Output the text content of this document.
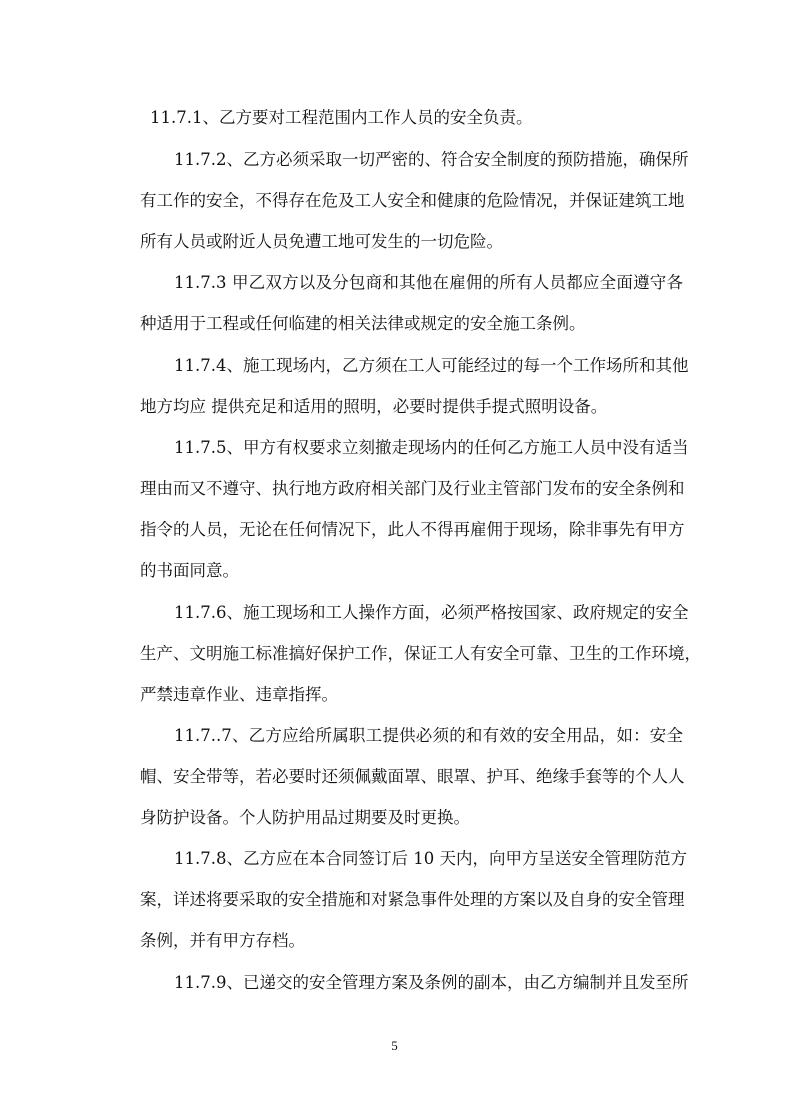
11.7.1、乙方要对工程范围内工作人员的安全负责。
11.7.2、乙方必须采取一切严密的、符合安全制度的预防措施，确保所
有工作的安全，不得存在危及工人安全和健康的危险情况，并保证建筑工地
所有人员或附近人员免遭工地可发生的一切危险。
11.7.3 甲乙双方以及分包商和其他在雇佣的所有人员都应全面遵守各
种适用于工程或任何临建的相关法律或规定的安全施工条例。
11.7.4、施工现场内，乙方须在工人可能经过的每一个工作场所和其他
地方均应 提供充足和适用的照明，必要时提供手提式照明设备。
11.7.5、甲方有权要求立刻撤走现场内的任何乙方施工人员中没有适当
理由而又不遵守、执行地方政府相关部门及行业主管部门发布的安全条例和
指令的人员，无论在任何情况下，此人不得再雇佣于现场，除非事先有甲方
的书面同意。
11.7.6、施工现场和工人操作方面，必须严格按国家、政府规定的安全
生产、文明施工标准搞好保护工作，保证工人有安全可靠、卫生的工作环境，
严禁违章作业、违章指挥。
11.7..7、乙方应给所属职工提供必须的和有效的安全用品，如：安全
帽、安全带等，若必要时还须佩戴面罩、眼罩、护耳、绝缘手套等的个人人
身防护设备。个人防护用品过期要及时更换。
11.7.8、乙方应在本合同签订后 10 天内，向甲方呈送安全管理防范方
案，详述将要采取的安全措施和对紧急事件处理的方案以及自身的安全管理
条例，并有甲方存档。
11.7.9、已递交的安全管理方案及条例的副本，由乙方编制并且发至所
5
